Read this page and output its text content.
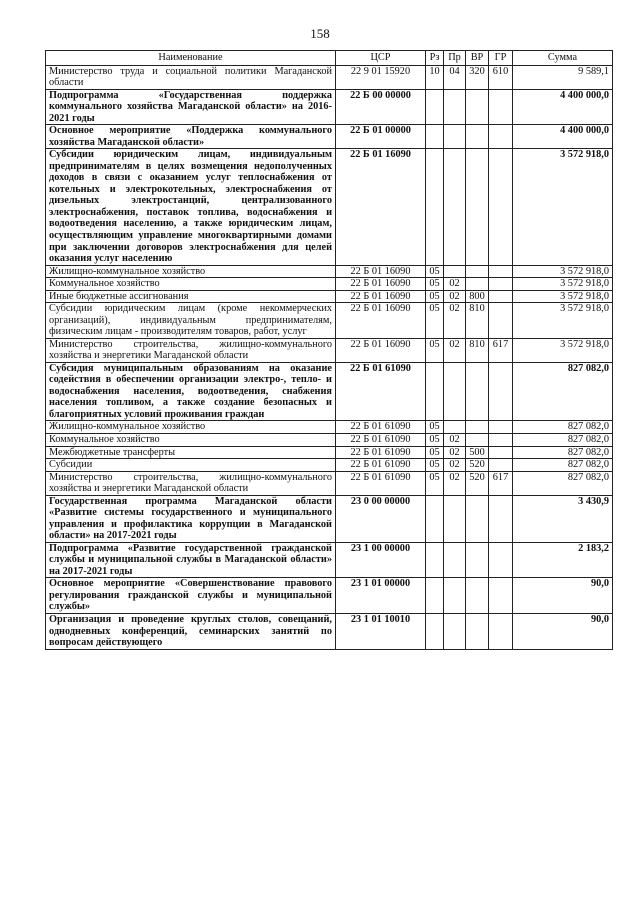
158
Наименование	ЦСР	Рз	Пр	ВР	ГР	Сумма
Министерство труда и социальной политики Магаданской области	22 9 01 15920	10	04	320	610	9 589,1
Подпрограмма «Государственная поддержка коммунального хозяйства Магаданской области» на 2016-2021 годы	22 Б 00 00000					4 400 000,0
Основное мероприятие «Поддержка коммунального хозяйства Магаданской области»	22 Б 01 00000					4 400 000,0
Субсидии юридическим лицам, индивидуальным предпринимателям в целях возмещения недополученных доходов в связи с оказанием услуг теплоснабжения от котельных и электрокотельных, электроснабжения от дизельных электростанций, централизованного электроснабжения, поставок топлива, водоснабжения и водоотведения населению, а также юридическим лицам, осуществляющим управление многоквартирными домами при заключении договоров электроснабжения для целей оказания услуг населению	22 Б 01 16090					3 572 918,0
Жилищно-коммунальное хозяйство	22 Б 01 16090	05				3 572 918,0
Коммунальное хозяйство	22 Б 01 16090	05	02			3 572 918,0
Иные бюджетные ассигнования	22 Б 01 16090	05	02	800		3 572 918,0
Субсидии юридическим лицам (кроме некоммерческих организаций), индивидуальным предпринимателям, физическим лицам - производителям товаров, работ, услуг	22 Б 01 16090	05	02	810		3 572 918,0
Министерство строительства, жилищно-коммунального хозяйства и энергетики Магаданской области	22 Б 01 16090	05	02	810	617	3 572 918,0
Субсидия муниципальным образованиям на оказание содействия в обеспечении организации электро-, тепло- и водоснабжения населения, водоотведения, снабжения населения топливом, а также создание безопасных и благоприятных условий проживания граждан	22 Б 01 61090					827 082,0
Жилищно-коммунальное хозяйство	22 Б 01 61090	05				827 082,0
Коммунальное хозяйство	22 Б 01 61090	05	02			827 082,0
Межбюджетные трансферты	22 Б 01 61090	05	02	500		827 082,0
Субсидии	22 Б 01 61090	05	02	520		827 082,0
Министерство строительства, жилищно-коммунального хозяйства и энергетики Магаданской области	22 Б 01 61090	05	02	520	617	827 082,0
Государственная программа Магаданской области «Развитие системы государственного и муниципального управления и профилактика коррупции в Магаданской области» на 2017-2021 годы	23 0 00 00000					3 430,9
Подпрограмма «Развитие государственной гражданской службы и муниципальной службы в Магаданской области» на 2017-2021 годы	23 1 00 00000					2 183,2
Основное мероприятие «Совершенствование правового регулирования гражданской службы и муниципальной службы»	23 1 01 00000					90,0
Организация и проведение круглых столов, совещаний, однодневных конференций, семинарских занятий по вопросам действующего	23 1 01 10010					90,0
